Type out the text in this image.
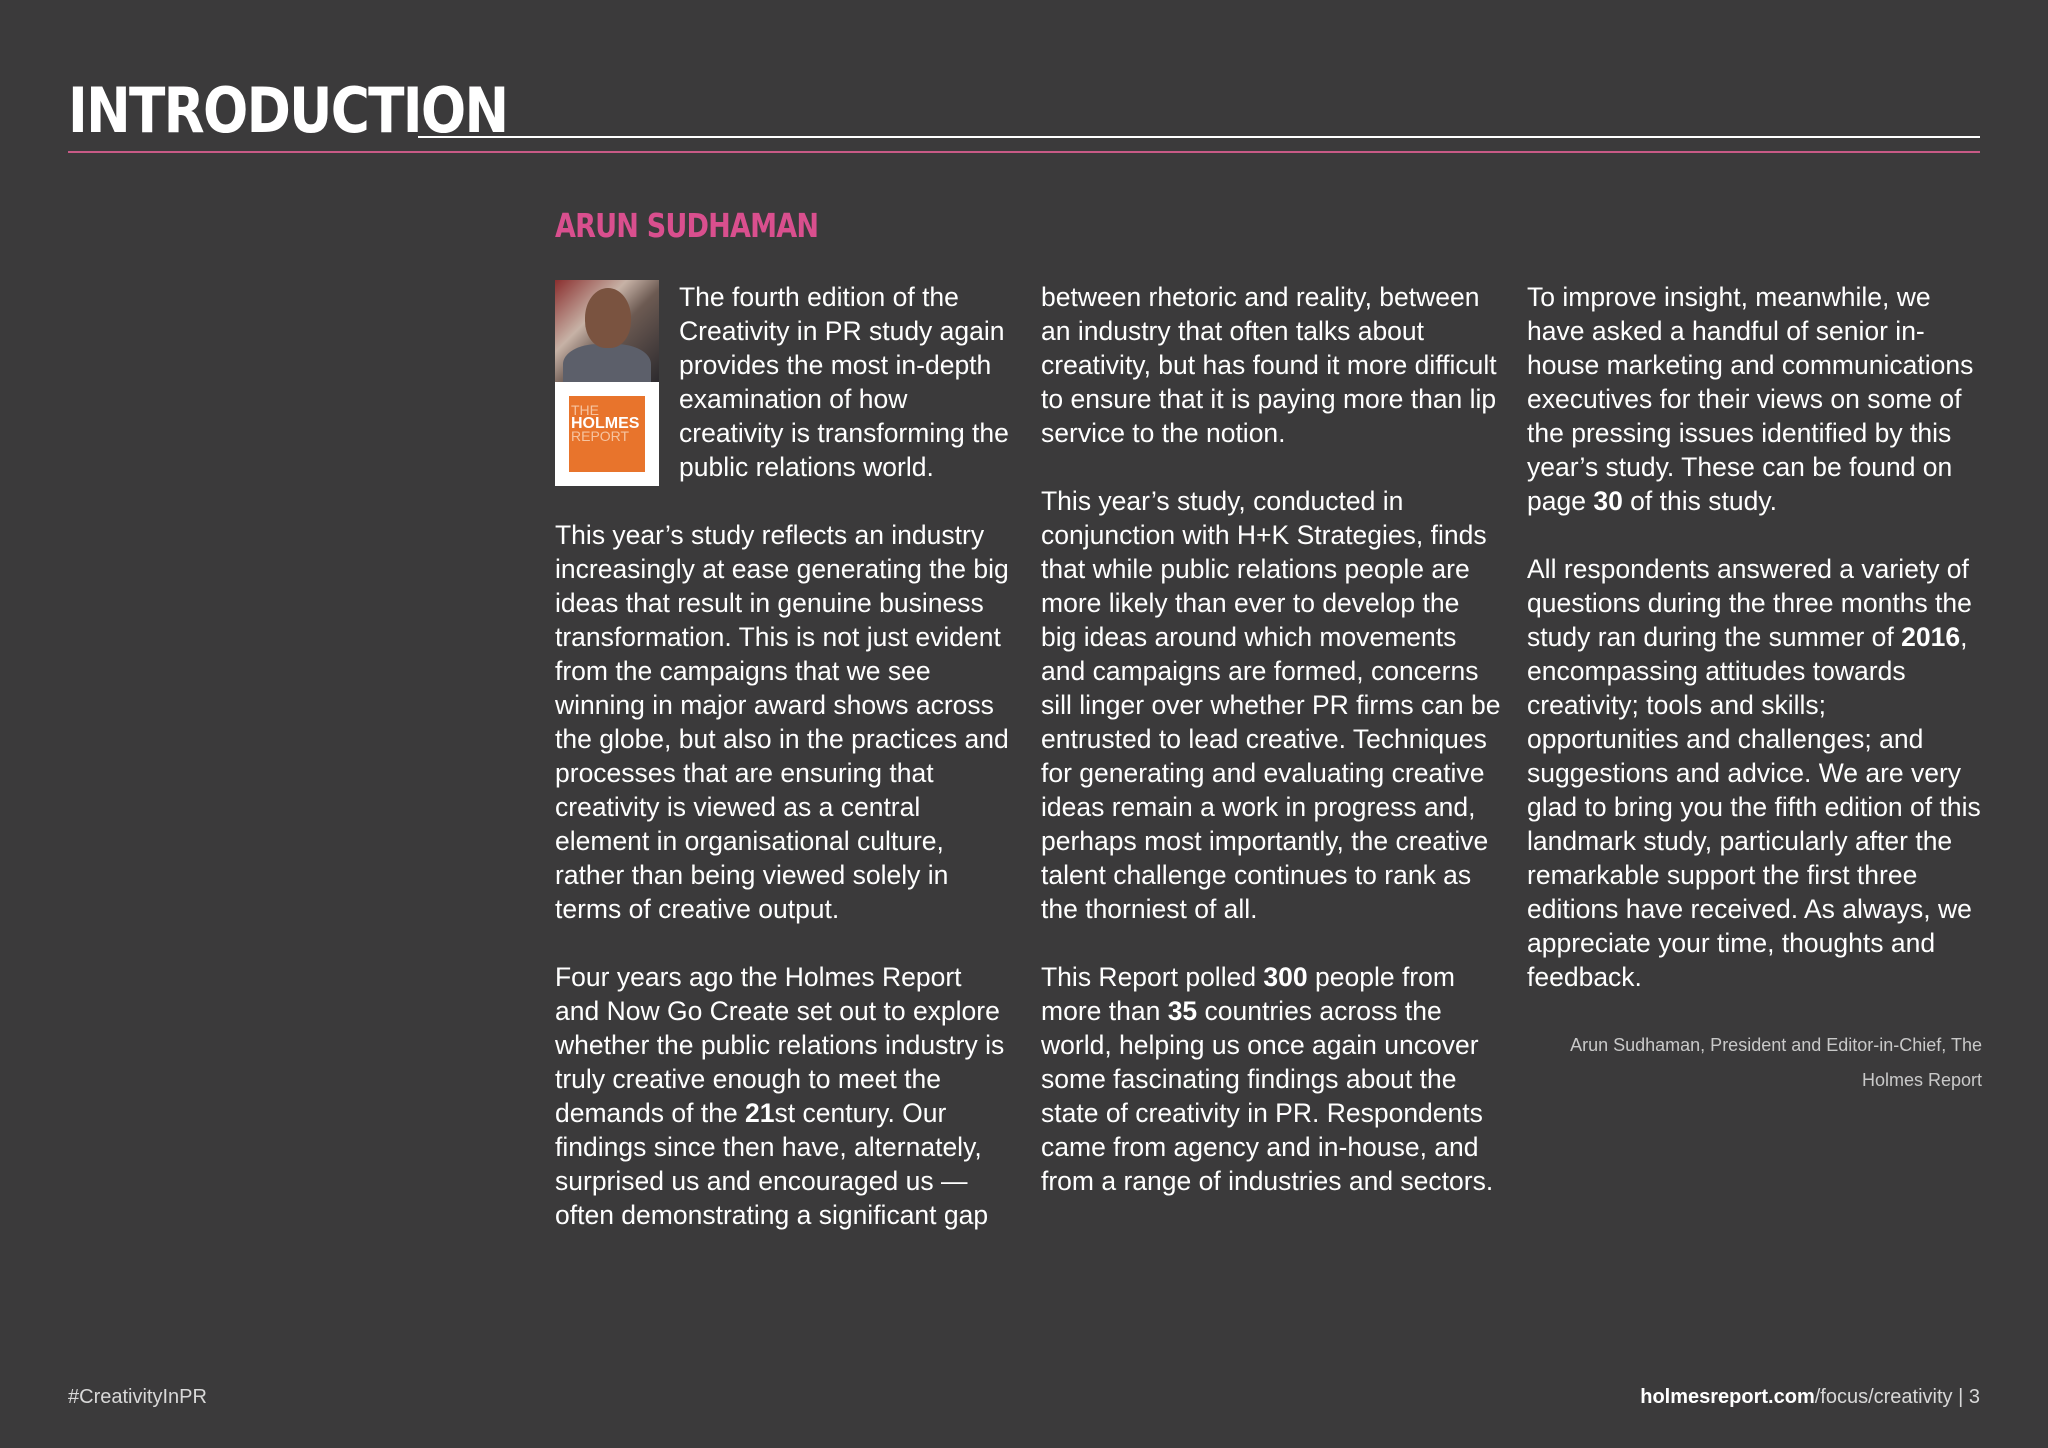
INTRODUCTION
ARUN SUDHAMAN
THE
HOLMES
REPORT

The fourth edition of the Creativity in PR study again provides the most in-depth examination of how creativity is transforming the public relations world.

This year’s study reflects an industry increasingly at ease generating the big ideas that result in genuine business transformation. This is not just evident from the campaigns that we see winning in major award shows across the globe, but also in the practices and processes that are ensuring that creativity is viewed as a central element in organisational culture, rather than being viewed solely in terms of creative output.

Four years ago the Holmes Report and Now Go Create set out to explore whether the public relations industry is truly creative enough to meet the demands of the 21st century. Our findings since then have, alternately, surprised us and encouraged us — often demonstrating a significant gap

between rhetoric and reality, between an industry that often talks about creativity, but has found it more difficult to ensure that it is paying more than lip service to the notion.

This year’s study, conducted in conjunction with H+K Strategies, finds that while public relations people are more likely than ever to develop the big ideas around which movements and campaigns are formed, concerns sill linger over whether PR firms can be entrusted to lead creative. Techniques for generating and evaluating creative ideas remain a work in progress and, perhaps most importantly, the creative talent challenge continues to rank as the thorniest of all.

This Report polled 300 people from more than 35 countries across the world, helping us once again uncover some fascinating findings about the state of creativity in PR. Respondents came from agency and in-house, and from a range of industries and sectors.

To improve insight, meanwhile, we have asked a handful of senior in-house marketing and communications executives for their views on some of the pressing issues identified by this year’s study. These can be found on page 30 of this study.

All respondents answered a variety of questions during the three months the study ran during the summer of 2016, encompassing attitudes towards creativity; tools and skills; opportunities and challenges; and suggestions and advice. We are very glad to bring you the fifth edition of this landmark study, particularly after the remarkable support the first three editions have received. As always, we appreciate your time, thoughts and feedback.

Arun Sudhaman, President and Editor-in-Chief, The Holmes Report
#CreativityInPR	holmesreport.com/focus/creativity | 3
